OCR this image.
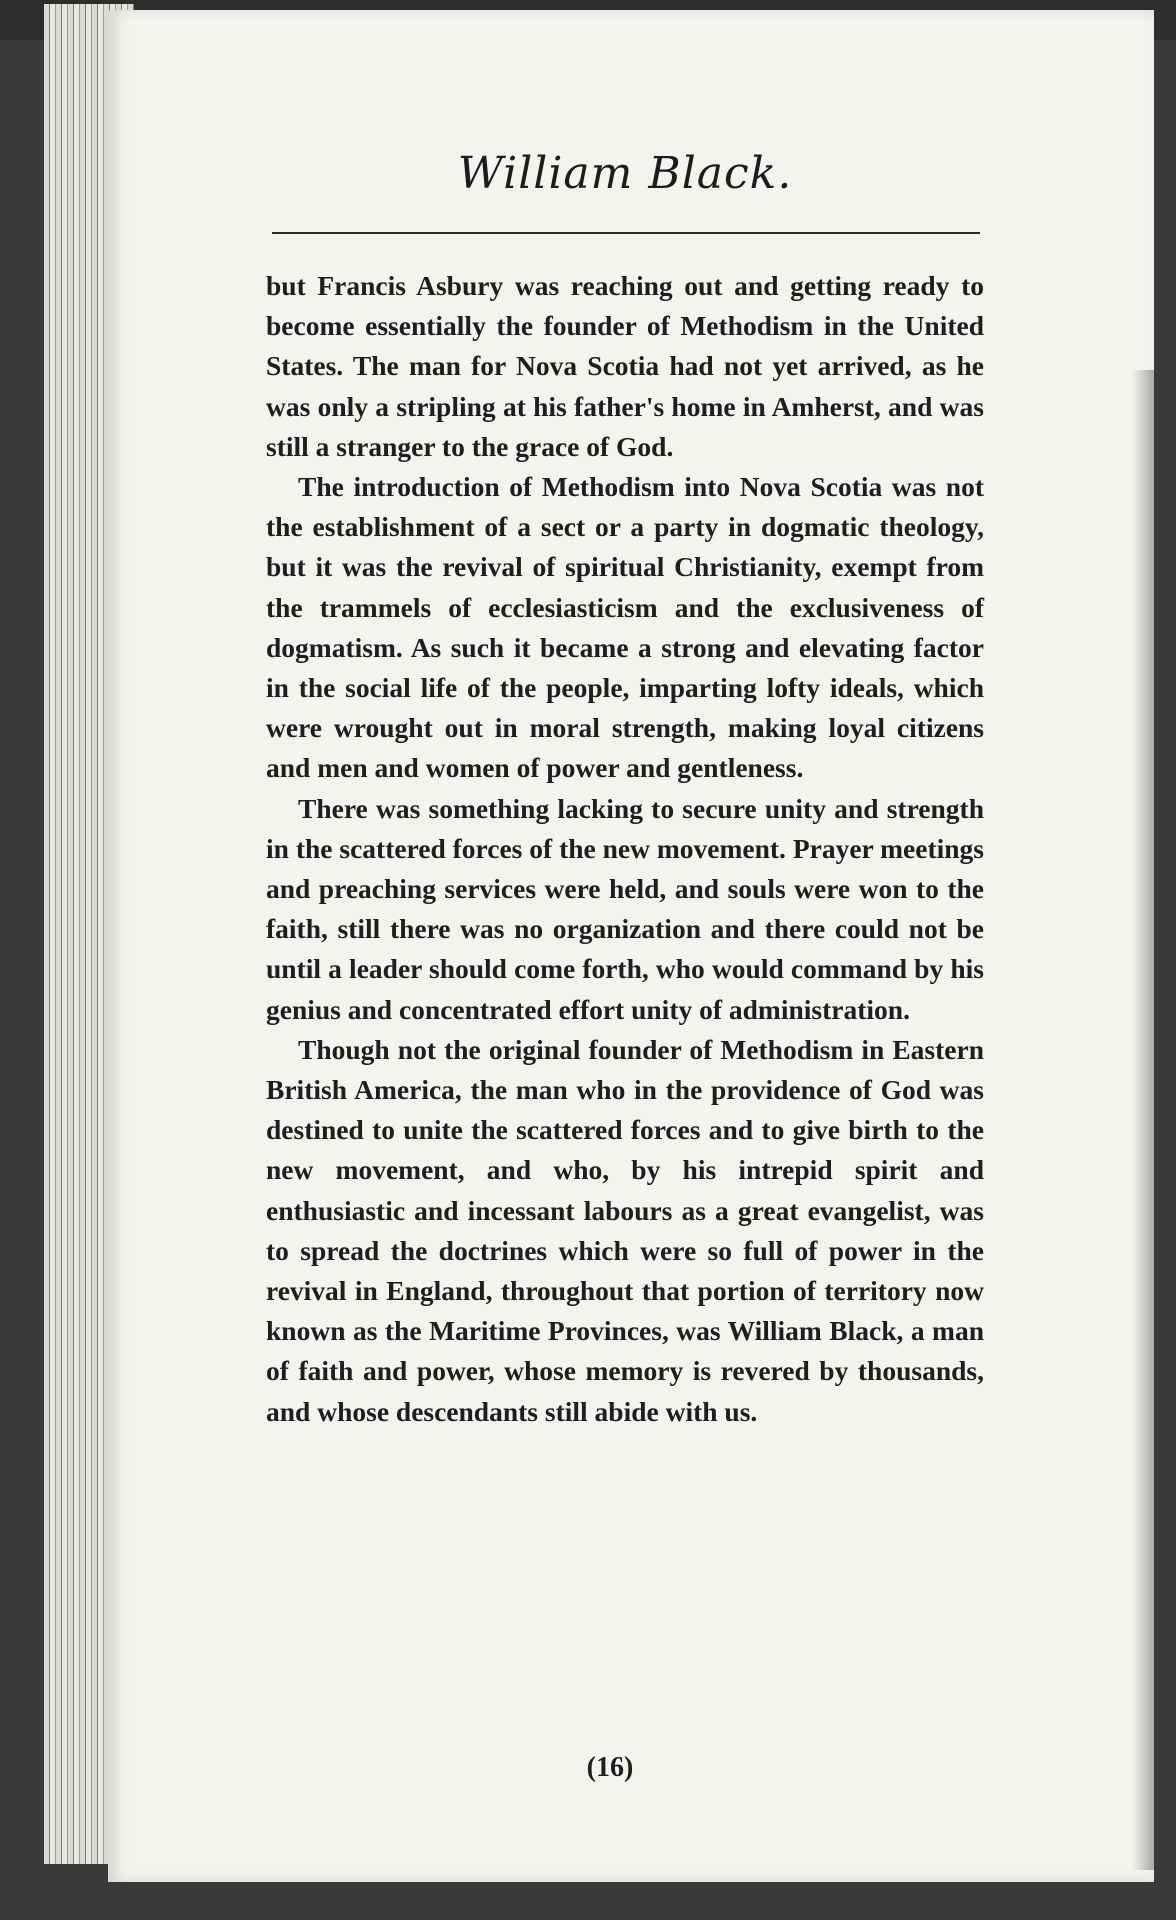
William Black.

but Francis Asbury was reaching out and getting ready to become essentially the founder of Methodism in the United States. The man for Nova Scotia had not yet arrived, as he was only a stripling at his father's home in Amherst, and was still a stranger to the grace of God.

The introduction of Methodism into Nova Scotia was not the establishment of a sect or a party in dogmatic theology, but it was the revival of spiritual Christianity, exempt from the trammels of ecclesiasticism and the exclusiveness of dogmatism. As such it became a strong and elevating factor in the social life of the people, imparting lofty ideals, which were wrought out in moral strength, making loyal citizens and men and women of power and gentleness.

There was something lacking to secure unity and strength in the scattered forces of the new movement. Prayer meetings and preaching services were held, and souls were won to the faith, still there was no organization and there could not be until a leader should come forth, who would command by his genius and concentrated effort unity of administration.

Though not the original founder of Methodism in Eastern British America, the man who in the providence of God was destined to unite the scattered forces and to give birth to the new movement, and who, by his intrepid spirit and enthusiastic and incessant labours as a great evangelist, was to spread the doctrines which were so full of power in the revival in England, throughout that portion of territory now known as the Maritime Provinces, was William Black, a man of faith and power, whose memory is revered by thousands, and whose descendants still abide with us.

(16)
